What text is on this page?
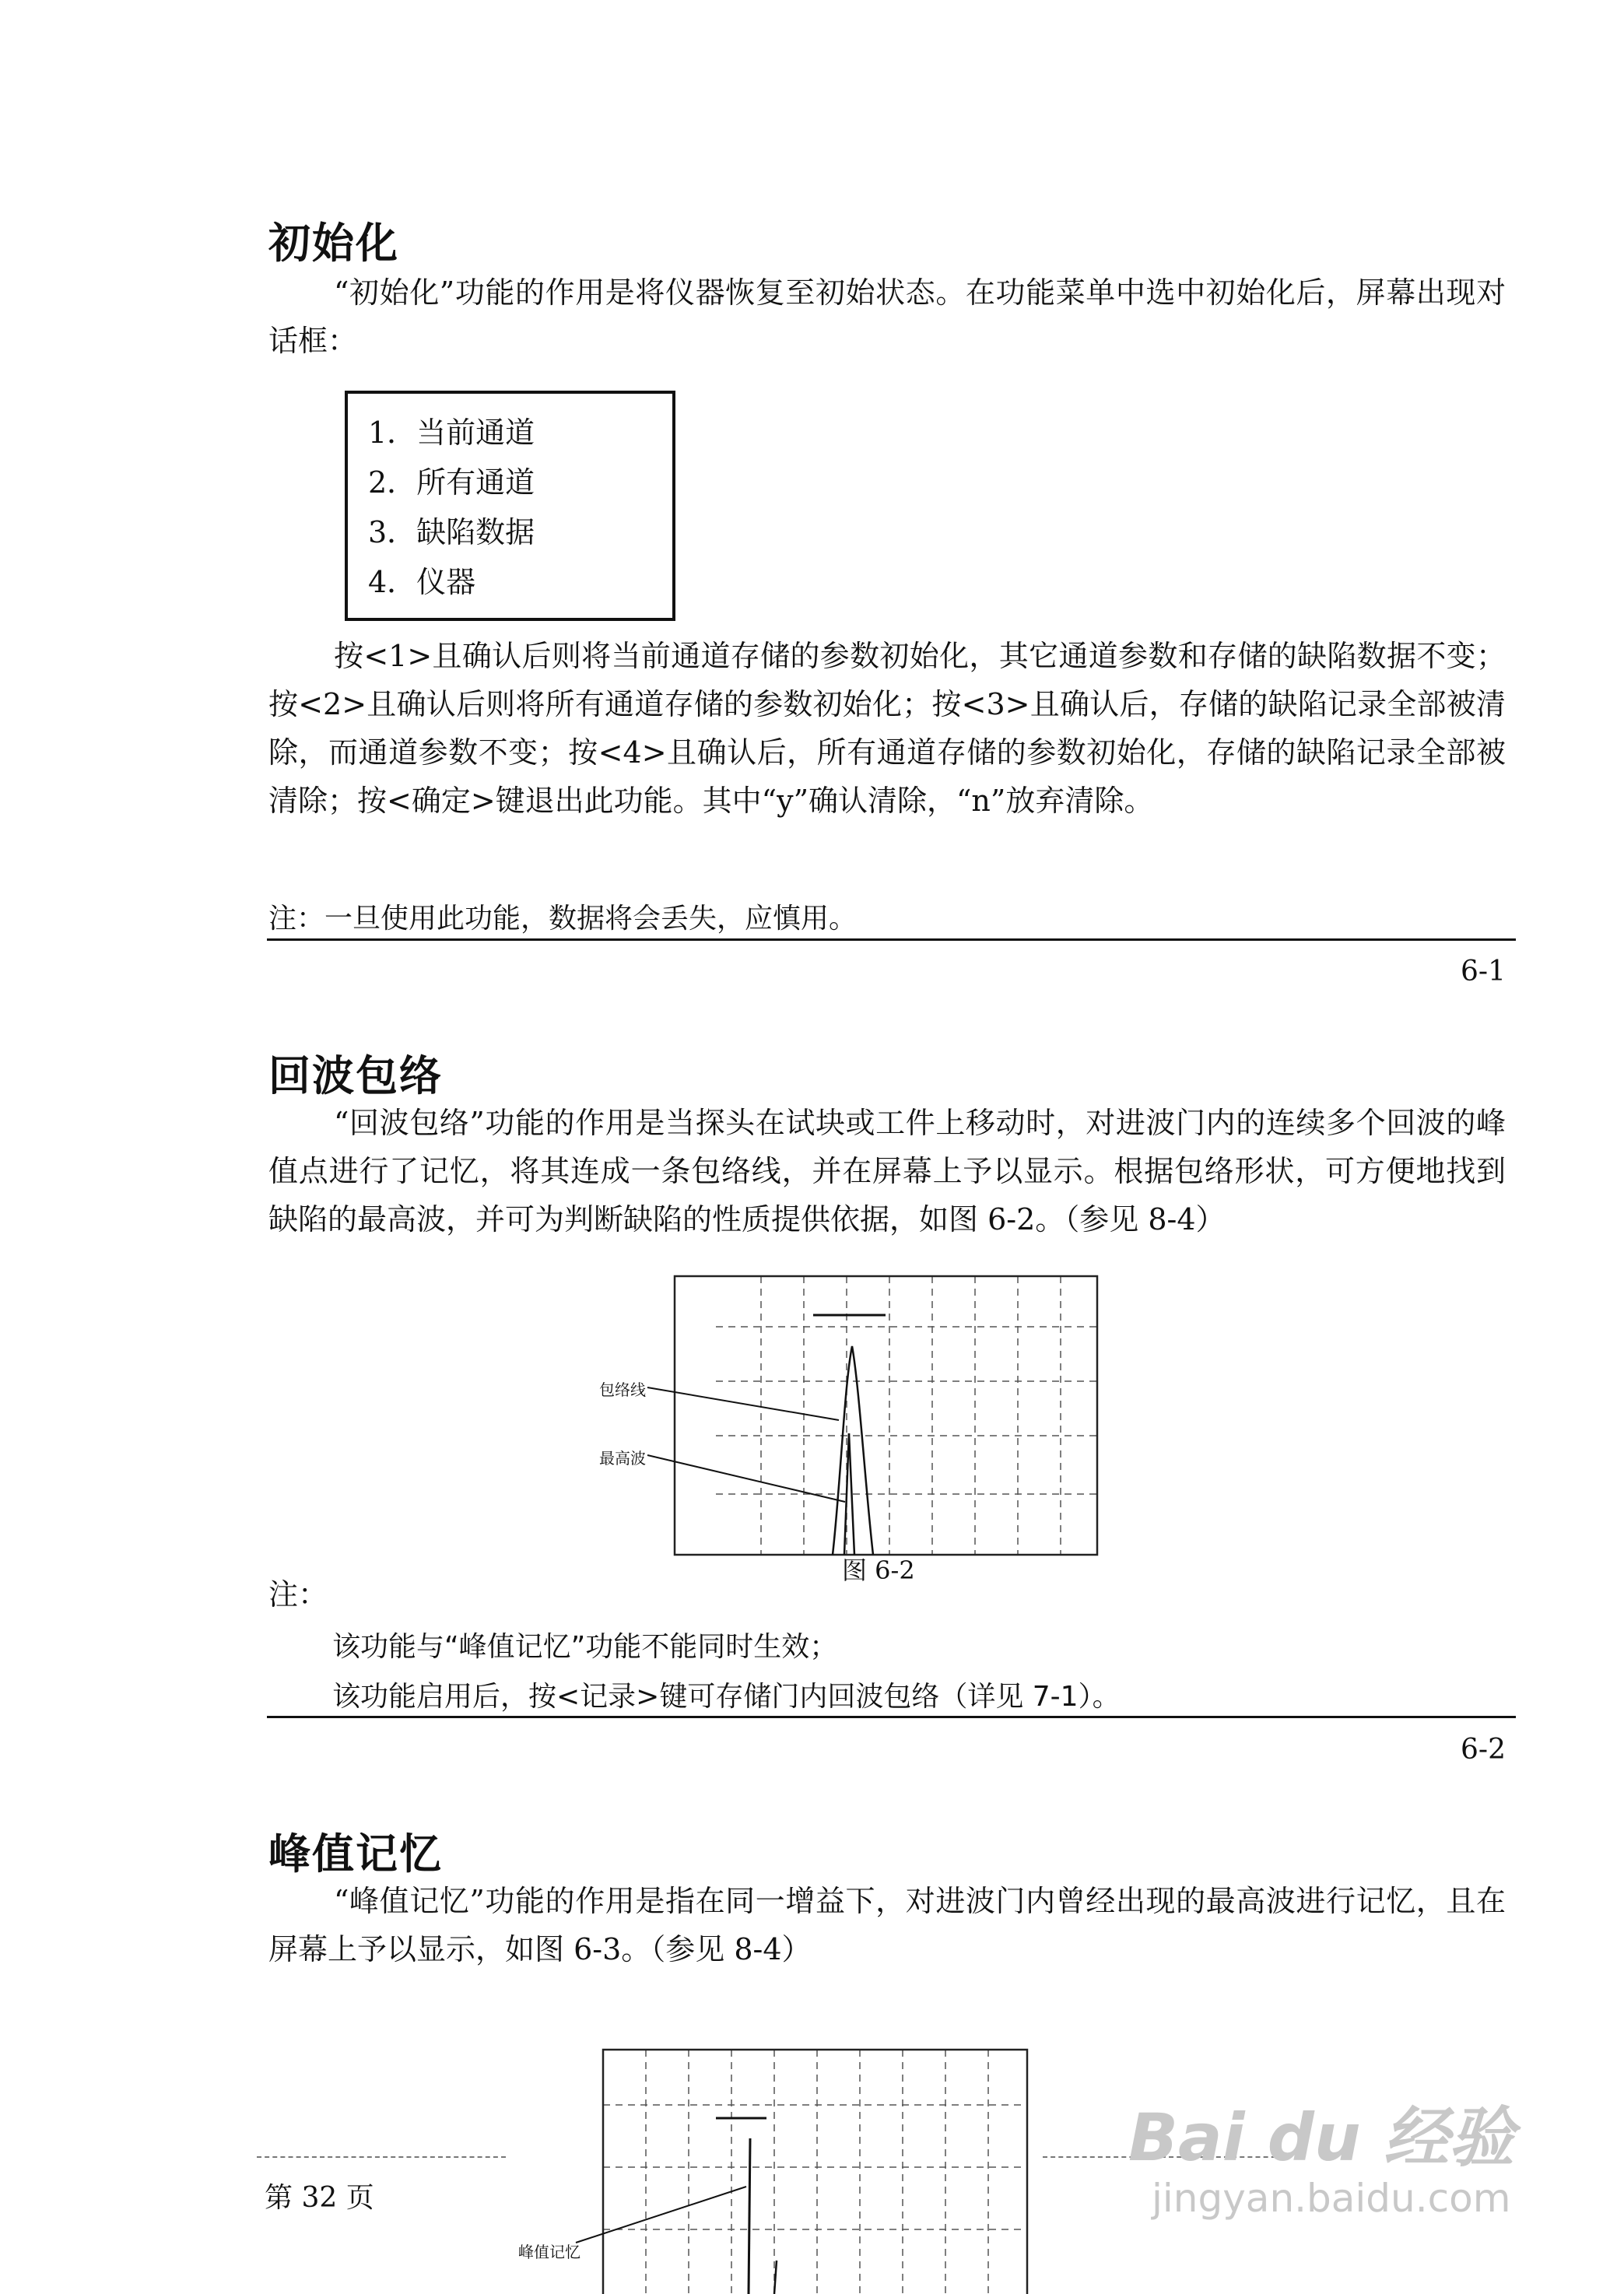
初始化
“初始化”功能的作用是将仪器恢复至初始状态。在功能菜单中选中初始化后，屏幕出现对话框：
1．当前通道
2．所有通道
3．缺陷数据
4．仪器
按<1>且确认后则将当前通道存储的参数初始化，其它通道参数和存储的缺陷数据不变；按<2>且确认后则将所有通道存储的参数初始化；按<3>且确认后，存储的缺陷记录全部被清除，而通道参数不变；按<4>且确认后，所有通道存储的参数初始化，存储的缺陷记录全部被清除；按<确定>键退出此功能。其中“y”确认清除，“n”放弃清除。
注：一旦使用此功能，数据将会丢失，应慎用。
6-1
回波包络
“回波包络”功能的作用是当探头在试块或工件上移动时，对进波门内的连续多个回波的峰值点进行了记忆，将其连成一条包络线，并在屏幕上予以显示。根据包络形状，可方便地找到缺陷的最高波，并可为判断缺陷的性质提供依据，如图 6-2。（参见 8-4）
包络线
最高波
图 6-2
注：
该功能与“峰值记忆”功能不能同时生效；
该功能启用后，按<记录>键可存储门内回波包络（详见 7-1）。
6-2
峰值记忆
“峰值记忆”功能的作用是指在同一增益下，对进波门内曾经出现的最高波进行记忆，且在屏幕上予以显示，如图 6-3。（参见 8-4）
峰值记忆
第 32 页
Bai du 经验
jingyan.baidu.com
